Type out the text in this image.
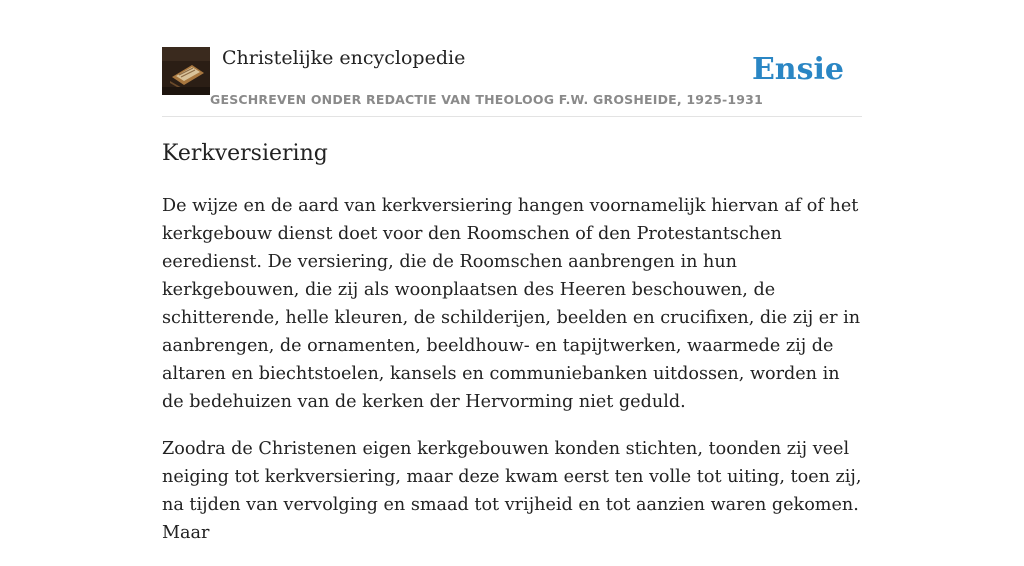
Christelijke encyclopedie	Ensie
GESCHREVEN ONDER REDACTIE VAN THEOLOOG F.W. GROSHEIDE, 1925-1931
Kerkversiering

De wijze en de aard van kerkversiering hangen voornamelijk hiervan af of het kerkgebouw dienst doet voor den Roomschen of den Protestantschen eeredienst. De versiering, die de Roomschen aanbrengen in hun kerkgebouwen, die zij als woonplaatsen des Heeren beschouwen, de schitterende, helle kleuren, de schilderijen, beelden en crucifixen, die zij er in aanbrengen, de ornamenten, beeldhouw- en tapijtwerken, waarmede zij de altaren en biechtstoelen, kansels en communiebanken uitdossen, worden in de bedehuizen van de kerken der Hervorming niet geduld.

Zoodra de Christenen eigen kerkgebouwen konden stichten, toonden zij veel neiging tot kerkversiering, maar deze kwam eerst ten volle tot uiting, toen zij, na tijden van vervolging en smaad tot vrijheid en tot aanzien waren gekomen. Maar
